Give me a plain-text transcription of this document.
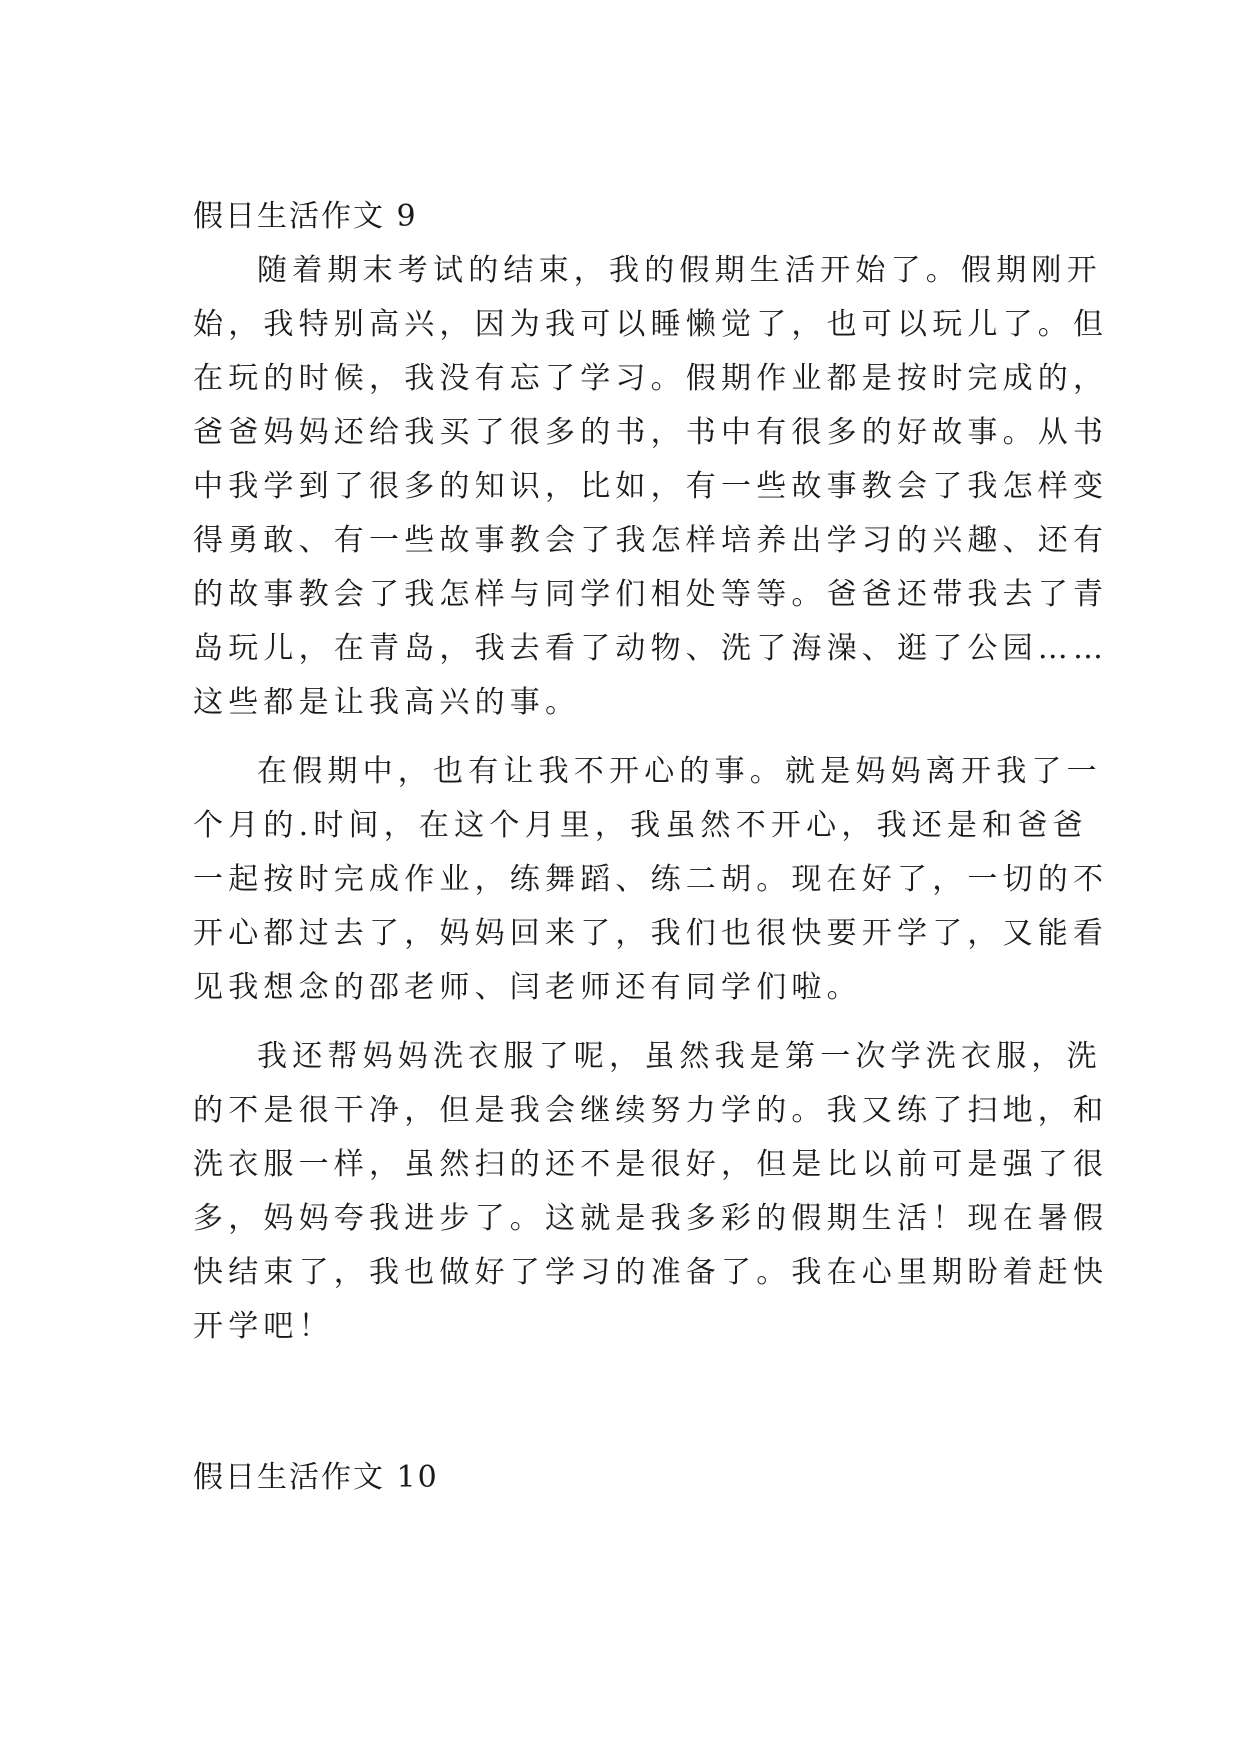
假日生活作文 9

随着期末考试的结束，我的假期生活开始了。假期刚开

始，我特别高兴，因为我可以睡懒觉了，也可以玩儿了。但

在玩的时候，我没有忘了学习。假期作业都是按时完成的，

爸爸妈妈还给我买了很多的书，书中有很多的好故事。从书

中我学到了很多的知识，比如，有一些故事教会了我怎样变

得勇敢、有一些故事教会了我怎样培养出学习的兴趣、还有

的故事教会了我怎样与同学们相处等等。爸爸还带我去了青

岛玩儿，在青岛，我去看了动物、洗了海澡、逛了公园……

这些都是让我高兴的事。

在假期中，也有让我不开心的事。就是妈妈离开我了一

个月的.时间，在这个月里，我虽然不开心，我还是和爸爸

一起按时完成作业，练舞蹈、练二胡。现在好了，一切的不

开心都过去了，妈妈回来了，我们也很快要开学了，又能看

见我想念的邵老师、闫老师还有同学们啦。

我还帮妈妈洗衣服了呢，虽然我是第一次学洗衣服，洗

的不是很干净，但是我会继续努力学的。我又练了扫地，和

洗衣服一样，虽然扫的还不是很好，但是比以前可是强了很

多，妈妈夸我进步了。这就是我多彩的假期生活！现在暑假

快结束了，我也做好了学习的准备了。我在心里期盼着赶快

开学吧！

假日生活作文 10
